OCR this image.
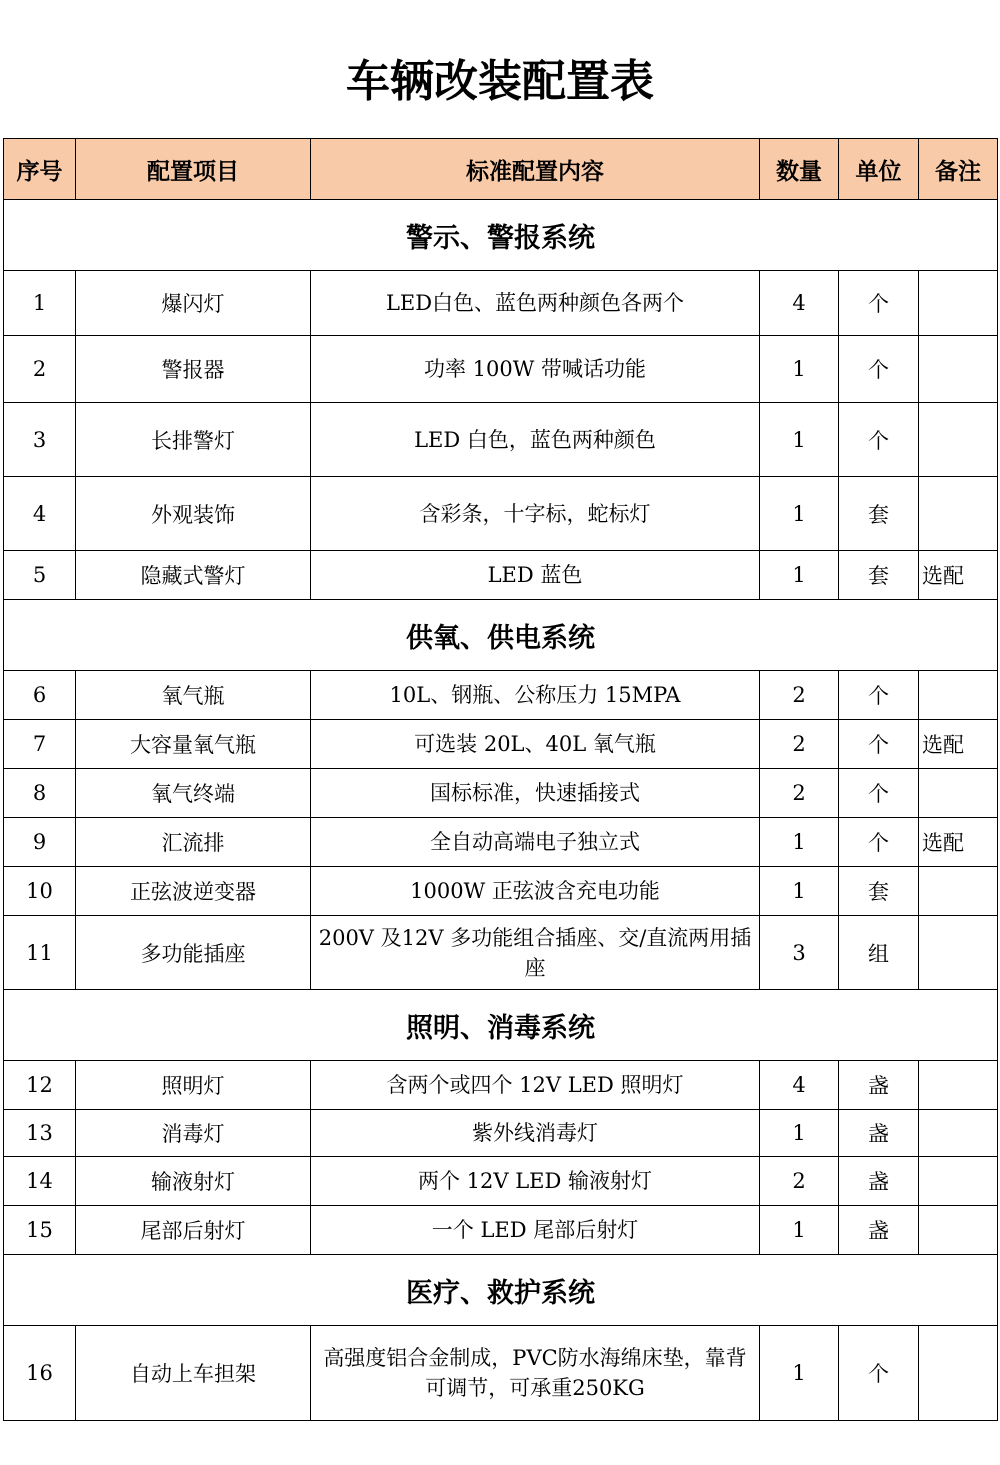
车辆改装配置表
序号	配置项目	标准配置内容	数量	单位	备注
警示、警报系统					
1	爆闪灯	LED白色、蓝色两种颜色各两个	4	个	
2	警报器	功率 100W 带喊话功能	1	个	
3	长排警灯	LED 白色，蓝色两种颜色	1	个	
4	外观装饰	含彩条，十字标，蛇标灯	1	套	
5	隐藏式警灯	LED 蓝色	1	套	选配
供氧、供电系统					
6	氧气瓶	10L、钢瓶、公称压力 15MPA	2	个	
7	大容量氧气瓶	可选装 20L、40L 氧气瓶	2	个	选配
8	氧气终端	国标标准，快速插接式	2	个	
9	汇流排	全自动高端电子独立式	1	个	选配
10	正弦波逆变器	1000W 正弦波含充电功能	1	套	
11	多功能插座	200V 及12V 多功能组合插座、交/直流两用插座	3	组	
照明、消毒系统					
12	照明灯	含两个或四个 12V LED 照明灯	4	盏	
13	消毒灯	紫外线消毒灯	1	盏	
14	输液射灯	两个 12V LED 输液射灯	2	盏	
15	尾部后射灯	一个 LED 尾部后射灯	1	盏	
医疗、救护系统					
16	自动上车担架	高强度铝合金制成，PVC防水海绵床垫，靠背可调节，可承重250KG	1	个	
